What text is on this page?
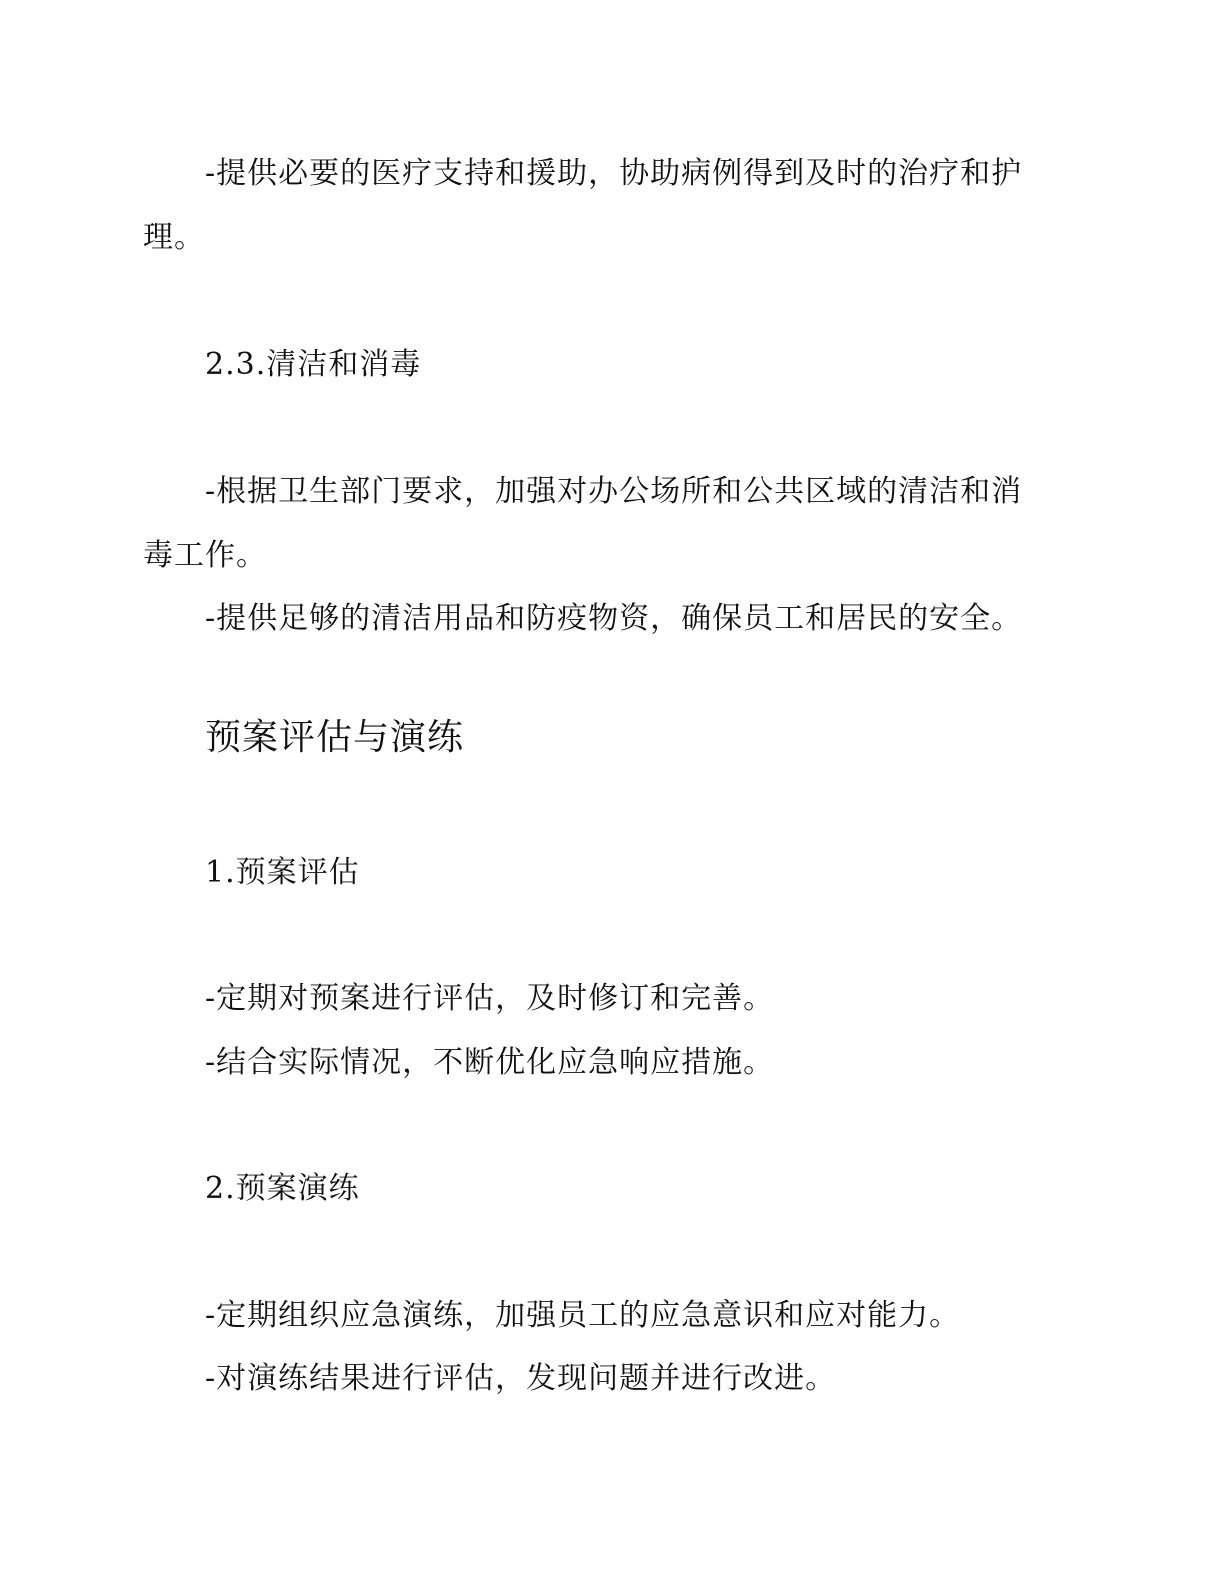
-提供必要的医疗支持和援助，协助病例得到及时的治疗和护

理。

2.3.清洁和消毒

-根据卫生部门要求，加强对办公场所和公共区域的清洁和消

毒工作。

-提供足够的清洁用品和防疫物资，确保员工和居民的安全。

预案评估与演练

1.预案评估

-定期对预案进行评估，及时修订和完善。

-结合实际情况，不断优化应急响应措施。

2.预案演练

-定期组织应急演练，加强员工的应急意识和应对能力。

-对演练结果进行评估，发现问题并进行改进。
